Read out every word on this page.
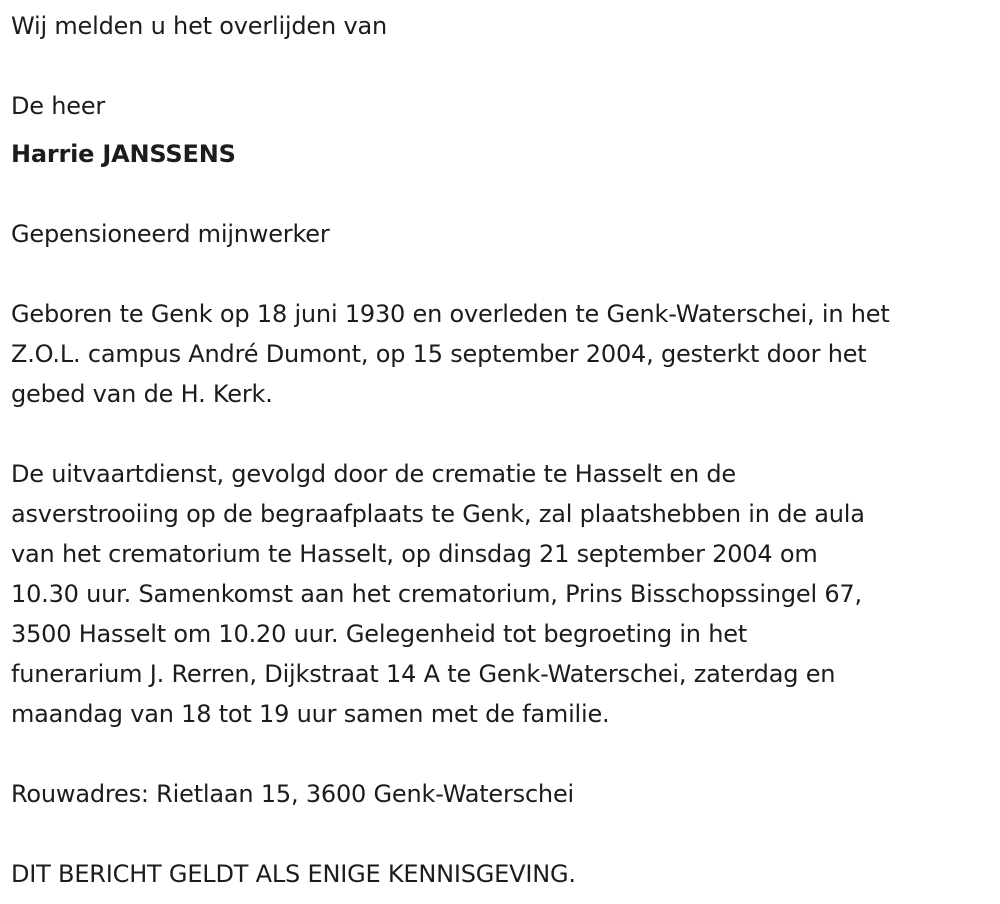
Wij melden u het overlijden van

De heer

Harrie JANSSENS

Gepensioneerd mijnwerker

Geboren te Genk op 18 juni 1930 en overleden te Genk-Waterschei, in het
Z.O.L. campus André Dumont, op 15 september 2004, gesterkt door het
gebed van de H. Kerk.
De uitvaartdienst, gevolgd door de crematie te Hasselt en de
asverstrooiing op de begraafplaats te Genk, zal plaatshebben in de aula
van het crematorium te Hasselt, op dinsdag 21 september 2004 om
10.30 uur. Samenkomst aan het crematorium, Prins Bisschopssingel 67,
3500 Hasselt om 10.20 uur. Gelegenheid tot begroeting in het
funerarium J. Rerren, Dijkstraat 14 A te Genk-Waterschei, zaterdag en
maandag van 18 tot 19 uur samen met de familie.

Rouwadres: Rietlaan 15, 3600 Genk-Waterschei

DIT BERICHT GELDT ALS ENIGE KENNISGEVING.
